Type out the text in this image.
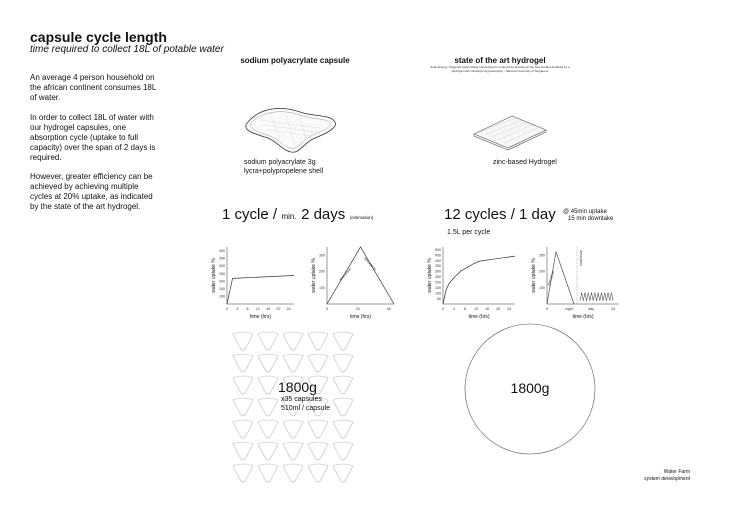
capsule cycle length
time required to collect 18L of potable water
An average 4 person household on the african continent consumes 18L of water.
In order to collect 18L of water with our hydrogel capsules, one absorption cycle (uptake to full capacity) over the span of 2 days is required.
However, greater efficiency can be achieved by achieving multiple cycles at 20% uptake, as indicated by the state of the art hydrogel.
sodium polyacrylate capsule
sodium polyacrylate 3g
lycra+polypropelene shell
state of the art hydrogel
Solar Energy Triggered Clean Water Harvesting from Humid Air Existing at the Sea Surface Enabled by a
Hydrogel with Ultrahigh Hygroscopicity - National University of Singapore
zinc-based Hydrogel
1 cycle / min. 2 days (estimation)	12 cycles / 1 day @ 45min uptake
15 min downtake
1.5L per cycle
100
150
200
250
300
350
400
0 4 8 12 16 20 24
time (hrs)
water uptake %	100
200
300
0	24	48
time (hrs)
water uptake %	absorption
desorption
50
100
150
200
250
300
350
400
450
500
0	4	8 12 16 20 24
time (hrs)
water uptake %	100
200
300
0	night	day	24
time (hrs)
water uptake %	absorption
desorption
1800g
x35 capsules
510ml / capsule
1800g
Water Farm
system development
